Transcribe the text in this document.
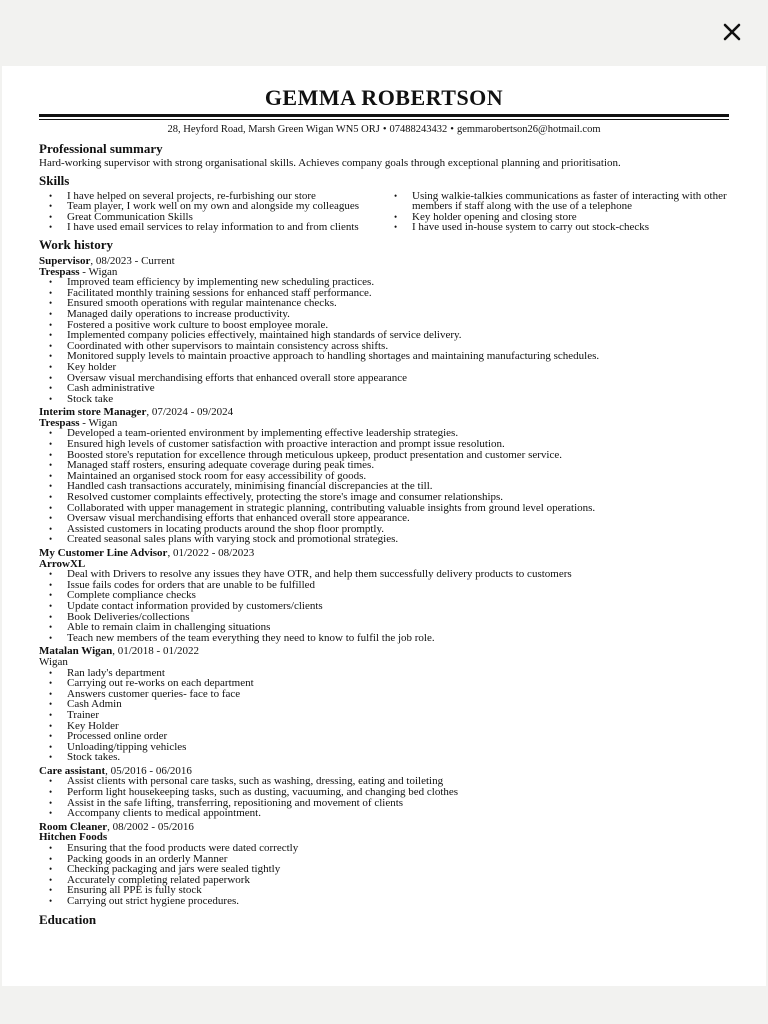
GEMMA ROBERTSON
28, Heyford Road, Marsh Green Wigan WN5 ORJ • 07488243432 • gemmarobertson26@hotmail.com
Professional summary
Hard-working supervisor with strong organisational skills. Achieves company goals through exceptional planning and prioritisation.
Skills
• I have helped on several projects, re-furbishing our store
• Team player, I work well on my own and alongside my colleagues
• Great Communication Skills
• I have used email services to relay information to and from clients
• Using walkie-talkies communications as faster of interacting with other members if staff along with the use of a telephone
• Key holder opening and closing store
• I have used in-house system to carry out stock-checks
Work history
Supervisor, 08/2023 - Current
Trespass - Wigan
• Improved team efficiency by implementing new scheduling practices.
• Facilitated monthly training sessions for enhanced staff performance.
• Ensured smooth operations with regular maintenance checks.
• Managed daily operations to increase productivity.
• Fostered a positive work culture to boost employee morale.
• Implemented company policies effectively, maintained high standards of service delivery.
• Coordinated with other supervisors to maintain consistency across shifts.
• Monitored supply levels to maintain proactive approach to handling shortages and maintaining manufacturing schedules.
• Key holder
• Oversaw visual merchandising efforts that enhanced overall store appearance
• Cash administrative
• Stock take
Interim store Manager, 07/2024 - 09/2024
Trespass - Wigan
• Developed a team-oriented environment by implementing effective leadership strategies.
• Ensured high levels of customer satisfaction with proactive interaction and prompt issue resolution.
• Boosted store's reputation for excellence through meticulous upkeep, product presentation and customer service.
• Managed staff rosters, ensuring adequate coverage during peak times.
• Maintained an organised stock room for easy accessibility of goods.
• Handled cash transactions accurately, minimising financial discrepancies at the till.
• Resolved customer complaints effectively, protecting the store's image and consumer relationships.
• Collaborated with upper management in strategic planning, contributing valuable insights from ground level operations.
• Oversaw visual merchandising efforts that enhanced overall store appearance.
• Assisted customers in locating products around the shop floor promptly.
• Created seasonal sales plans with varying stock and promotional strategies.
My Customer Line Advisor, 01/2022 - 08/2023
ArrowXL
• Deal with Drivers to resolve any issues they have OTR, and help them successfully delivery products to customers
• Issue fails codes for orders that are unable to be fulfilled
• Complete compliance checks
• Update contact information provided by customers/clients
• Book Deliveries/collections
• Able to remain claim in challenging situations
• Teach new members of the team everything they need to know to fulfil the job role.
Matalan Wigan, 01/2018 - 01/2022
Wigan
• Ran lady's department
• Carrying out re-works on each department
• Answers customer queries- face to face
• Cash Admin
• Trainer
• Key Holder
• Processed online order
• Unloading/tipping vehicles
• Stock takes.
Care assistant, 05/2016 - 06/2016
• Assist clients with personal care tasks, such as washing, dressing, eating and toileting
• Perform light housekeeping tasks, such as dusting, vacuuming, and changing bed clothes
• Assist in the safe lifting, transferring, repositioning and movement of clients
• Accompany clients to medical appointment.
Room Cleaner, 08/2002 - 05/2016
Hitchen Foods
• Ensuring that the food products were dated correctly
• Packing goods in an orderly Manner
• Checking packaging and jars were sealed tightly
• Accurately completing related paperwork
• Ensuring all PPE is fully stock
• Carrying out strict hygiene procedures.
Education
